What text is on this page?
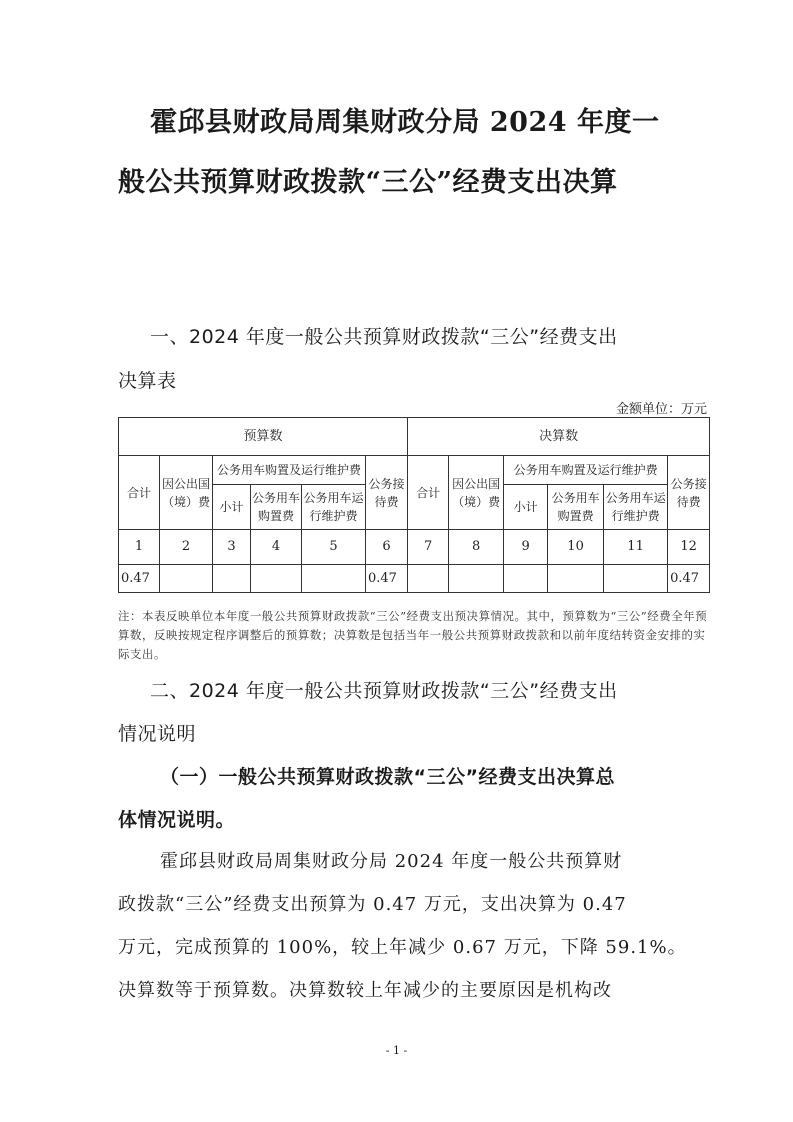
霍邱县财政局周集财政分局 2024 年度一
般公共预算财政拨款“三公”经费支出决算
一、2024 年度一般公共预算财政拨款“三公”经费支出
决算表
金额单位：万元
预算数						决算数					
合计	因公出国（境）费	公务用车购置及运行维护费			公务接待费	合计	因公出国（境）费	公务用车购置及运行维护费			公务接待费
		小计	公务用车购置费	公务用车运行维护费				小计	公务用车购置费	公务用车运行维护费	
1	2	3	4	5	6	7	8	9	10	11	12
0.47					0.47						0.47
注：本表反映单位本年度一般公共预算财政拨款“三公”经费支出预决算情况。其中，预算数为“三公”经费全年预算数，反映按规定程序调整后的预算数；决算数是包括当年一般公共预算财政拨款和以前年度结转资金安排的实际支出。
二、2024 年度一般公共预算财政拨款“三公”经费支出
情况说明
（一）一般公共预算财政拨款“三公”经费支出决算总
体情况说明。
霍邱县财政局周集财政分局 2024 年度一般公共预算财
政拨款“三公”经费支出预算为 0.47 万元，支出决算为 0.47
万元，完成预算的 100%，较上年减少 0.67 万元，下降 59.1%。
决算数等于预算数。决算数较上年减少的主要原因是机构改
- 1 -
